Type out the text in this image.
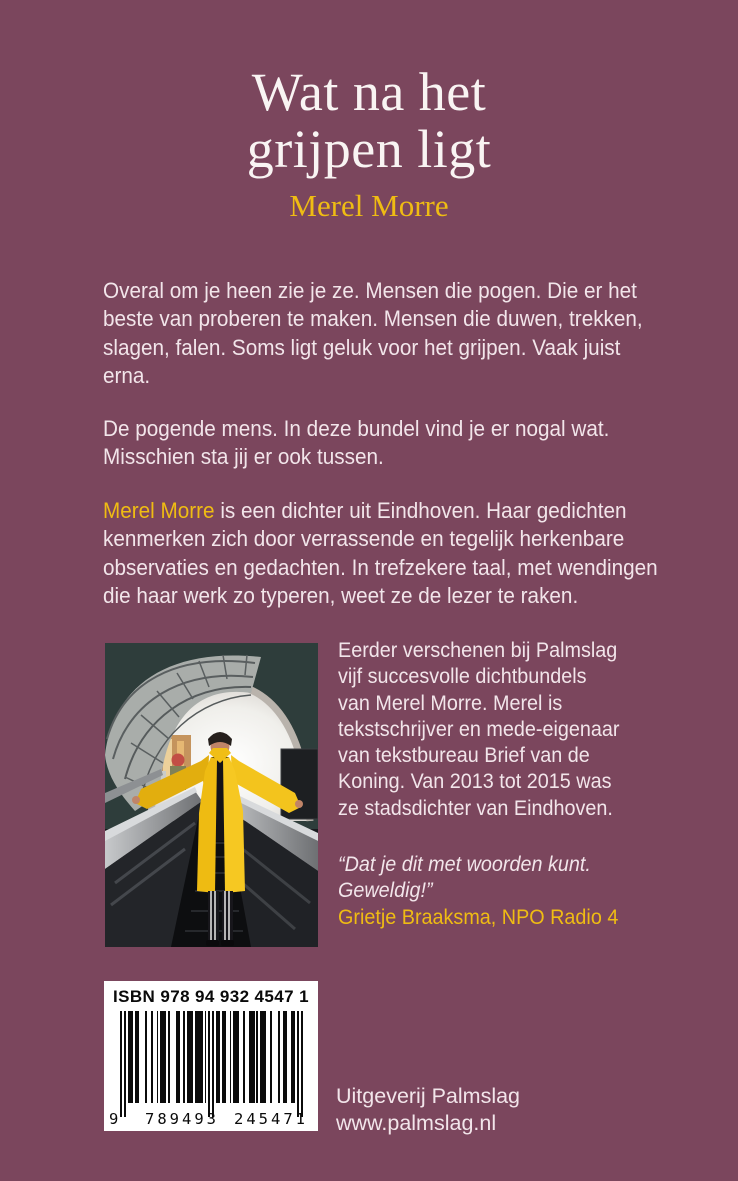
Wat na het
grijpen ligt
Merel Morre
Overal om je heen zie je ze. Mensen die pogen. Die er het
beste van proberen te maken. Mensen die duwen, trekken,
slagen, falen. Soms ligt geluk voor het grijpen. Vaak juist
erna.
De pogende mens. In deze bundel vind je er nogal wat.
Misschien sta jij er ook tussen.
Merel Morre is een dichter uit Eindhoven. Haar gedichten
kenmerken zich door verrassende en tegelijk herkenbare
observaties en gedachten. In trefzekere taal, met wendingen
die haar werk zo typeren, weet ze de lezer te raken.
Eerder verschenen bij Palmslag
vijf succesvolle dichtbundels
van Merel Morre. Merel is
tekstschrijver en mede-eigenaar
van tekstbureau Brief van de
Koning. Van 2013 tot 2015 was
ze stadsdichter van Eindhoven.
“Dat je dit met woorden kunt.
Geweldig!”
Grietje Braaksma, NPO Radio 4
ISBN 978 94 932 4547 1
9 789493 245471
Uitgeverij Palmslag
www.palmslag.nl
